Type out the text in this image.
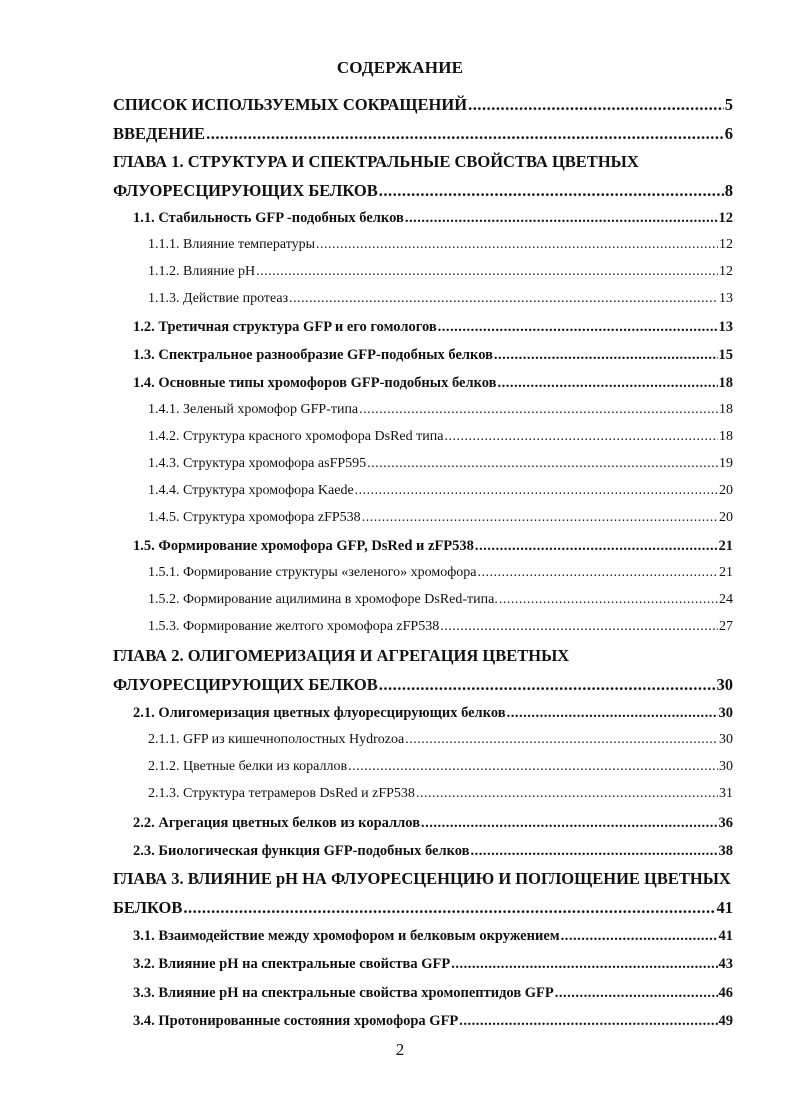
СОДЕРЖАНИЕ
СПИСОК ИСПОЛЬЗУЕМЫХ СОКРАЩЕНИЙ .....	5
ВВЕДЕНИЕ .....	6
ГЛАВА 1. СТРУКТУРА И СПЕКТРАЛЬНЫЕ СВОЙСТВА ЦВЕТНЫХ
ФЛУОРЕСЦИРУЮЩИХ БЕЛКОВ .....	8
1.1. Стабильность GFP -подобных белков .....	12
1.1.1. Влияние температуры .....	12
1.1.2. Влияние pH .....	12
1.1.3. Действие протеаз .....	13
1.2. Третичная структура GFP и его гомологов .....	13
1.3. Спектральное разнообразие GFP-подобных белков .....	15
1.4. Основные типы хромофоров GFP-подобных белков .....	18
1.4.1. Зеленый хромофор GFP-типа .....	18
1.4.2. Структура красного хромофора DsRed типа .....	18
1.4.3. Структура хромофора asFP595 .....	19
1.4.4. Структура хромофора Kaede .....	20
1.4.5. Структура хромофора zFP538 .....	20
1.5. Формирование хромофора GFP, DsRed и zFP538 .....	21
1.5.1. Формирование структуры «зеленого» хромофора .....	21
1.5.2. Формирование ацилимина в хромофоре DsRed-типа. .....	24
1.5.3. Формирование желтого хромофора zFP538 .....	27
ГЛАВА 2. ОЛИГОМЕРИЗАЦИЯ И АГРЕГАЦИЯ ЦВЕТНЫХ
ФЛУОРЕСЦИРУЮЩИХ БЕЛКОВ .....	30
2.1. Олигомеризация цветных флуоресцирующих белков .....	30
2.1.1. GFP из кишечнополостных Hydrozoa .....	30
2.1.2. Цветные белки из кораллов .....	30
2.1.3. Структура тетрамеров DsRed и zFP538 .....	31
2.2. Агрегация цветных белков из кораллов .....	36
2.3. Биологическая функция GFP-подобных белков .....	38
ГЛАВА 3. ВЛИЯНИЕ pH НА ФЛУОРЕСЦЕНЦИЮ И ПОГЛОЩЕНИЕ ЦВЕТНЫХ
БЕЛКОВ .....	41
3.1. Взаимодействие между хромофором и белковым окружением .....	41
3.2. Влияние pH на спектральные свойства GFP .....	43
3.3. Влияние pH на спектральные свойства хромопептидов GFP .....	46
3.4. Протонированные состояния хромофора GFP .....	49
2
